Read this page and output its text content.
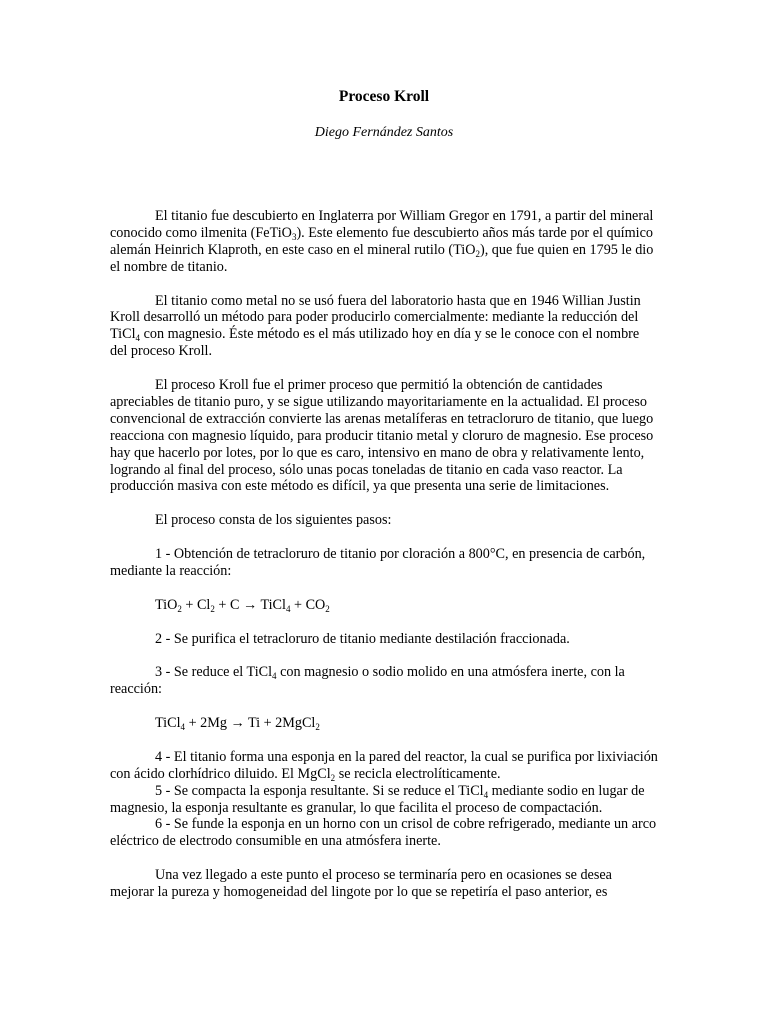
Proceso Kroll
Diego Fernández Santos

El titanio fue descubierto en Inglaterra por William Gregor en 1791, a partir del mineral conocido como ilmenita (FeTiO$_3$). Este elemento fue descubierto años más tarde por el químico alemán Heinrich Klaproth, en este caso en el mineral rutilo (TiO$_2$), que fue quien en 1795 le dio el nombre de titanio.

El titanio como metal no se usó fuera del laboratorio hasta que en 1946 Willian Justin Kroll desarrolló un método para poder producirlo comercialmente: mediante la reducción del TiCl$_4$ con magnesio. Éste método es el más utilizado hoy en día y se le conoce con el nombre del proceso Kroll.

El proceso Kroll fue el primer proceso que permitió la obtención de cantidades apreciables de titanio puro, y se sigue utilizando mayoritariamente en la actualidad. El proceso convencional de extracción convierte las arenas metalíferas en tetracloruro de titanio, que luego reacciona con magnesio líquido, para producir titanio metal y cloruro de magnesio. Ese proceso hay que hacerlo por lotes, por lo que es caro, intensivo en mano de obra y relativamente lento, logrando al final del proceso, sólo unas pocas toneladas de titanio en cada vaso reactor. La producción masiva con este método es difícil, ya que presenta una serie de limitaciones.

El proceso consta de los siguientes pasos:

1 - Obtención de tetracloruro de titanio por cloración a 800°C, en presencia de carbón, mediante la reacción:

$TiO_2 + Cl_2 + C$ → TiCl$_4$ + $CO_2$

2 - Se purifica el tetracloruro de titanio mediante destilación fraccionada.

3 - Se reduce el TiCl$_4$ con magnesio o sodio molido en una atmósfera inerte, con la reacción:

TiCl$_4$ + 2Mg → Ti + 2MgCl$_2$

4 - El titanio forma una esponja en la pared del reactor, la cual se purifica por lixiviación con ácido clorhídrico diluido. El MgCl$_2$ se recicla electrolíticamente.

5 - Se compacta la esponja resultante. Si se reduce el TiCl$_4$ mediante sodio en lugar de magnesio, la esponja resultante es granular, lo que facilita el proceso de compactación.

6 - Se funde la esponja en un horno con un crisol de cobre refrigerado, mediante un arco eléctrico de electrodo consumible en una atmósfera inerte.

Una vez llegado a este punto el proceso se terminaría pero en ocasiones se desea mejorar la pureza y homogeneidad del lingote por lo que se repetiría el paso anterior, es
